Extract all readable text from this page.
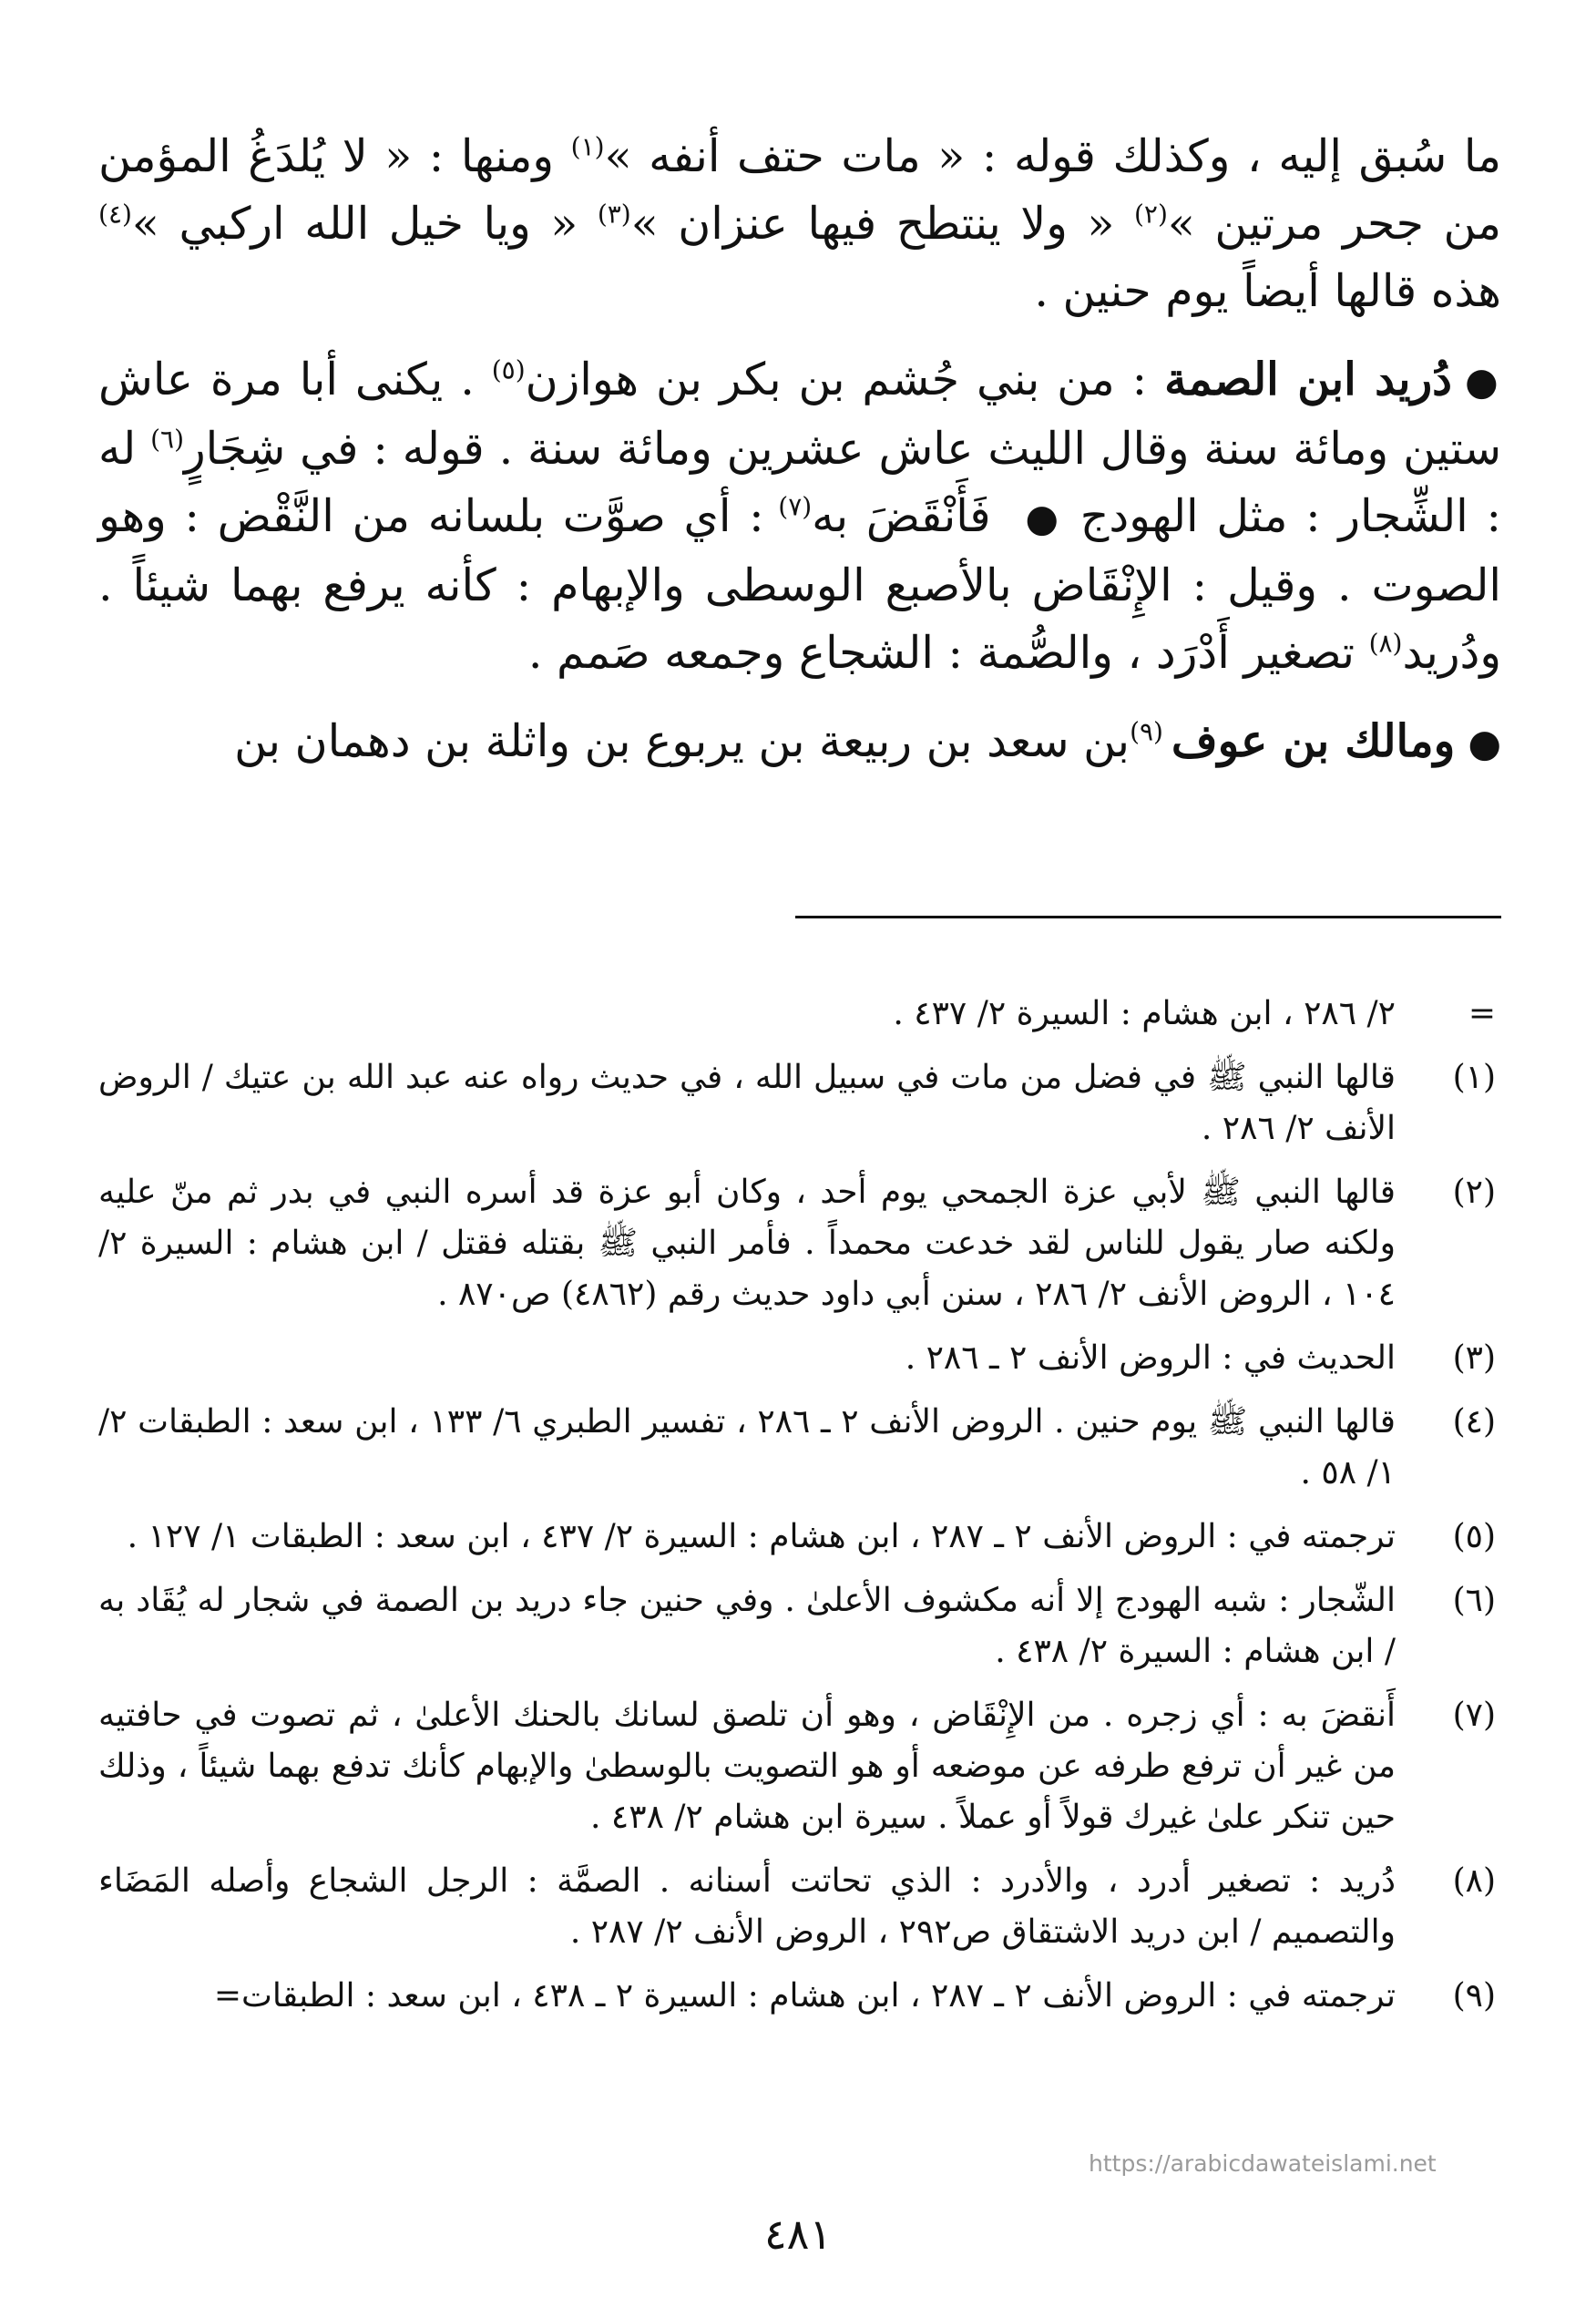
ما سُبق إليه ، وكذلك قوله : « مات حتف أنفه »$^{(١)}$ ومنها : « لا يُلدَغُ المؤمن من جحر مرتين »$^{(٢)}$ « ولا ينتطح فيها عنزان »$^{(٣)}$ « ويا خيل الله اركبي »$^{(٤)}$ هذه قالها أيضاً يوم حنين .

●دُريد ابن الصمة : من بني جُشم بن بكر بن هوازن$^{(٥)}$ . يكنى أبا مرة عاش ستين ومائة سنة وقال الليث عاش عشرين ومائة سنة . قوله : في شِجَارٍ$^{(٦)}$ له : الشِّجار : مثل الهودج ● فَأَنْقَضَ به$^{(٧)}$ : أي صوَّت بلسانه من النَّقْض : وهو الصوت . وقيل : الإِنْقَاض بالأصبع الوسطى والإبهام : كأنه يرفع بهما شيئاً . ودُريد$^{(٨)}$ تصغير أَدْرَد ، والصُّمة : الشجاع وجمعه صَمم .

●ومالك بن عوف $^{(٩)}$بن سعد بن ربيعة بن يربوع بن واثلة بن دهمان بن

=
٢/ ٢٨٦ ، ابن هشام : السيرة ٢/ ٤٣٧ .
(١)
قالها النبي ﷺ في فضل من مات في سبيل الله ، في حديث رواه عنه عبد الله بن عتيك / الروض الأنف ٢/ ٢٨٦ .
(٢)
قالها النبي ﷺ لأبي عزة الجمحي يوم أحد ، وكان أبو عزة قد أسره النبي في بدر ثم منّ عليه ولكنه صار يقول للناس لقد خدعت محمداً . فأمر النبي ﷺ بقتله فقتل / ابن هشام : السيرة ٢/ ١٠٤ ، الروض الأنف ٢/ ٢٨٦ ، سنن أبي داود حديث رقم (٤٨٦٢) ص٨٧٠ .
(٣)
الحديث في : الروض الأنف ٢ ـ ٢٨٦ .
(٤)
قالها النبي ﷺ يوم حنين . الروض الأنف ٢ ـ ٢٨٦ ، تفسير الطبري ٦/ ١٣٣ ، ابن سعد : الطبقات ٢/ ١/ ٥٨ .
(٥)
ترجمته في : الروض الأنف ٢ ـ ٢٨٧ ، ابن هشام : السيرة ٢/ ٤٣٧ ، ابن سعد : الطبقات ١/ ١٢٧ .
(٦)
الشّجار : شبه الهودج إلا أنه مكشوف الأعلىٰ . وفي حنين جاء دريد بن الصمة في شجار له يُقَاد به / ابن هشام : السيرة ٢/ ٤٣٨ .
(٧)
أَنقضَ به : أي زجره . من الإِنْقَاض ، وهو أن تلصق لسانك بالحنك الأعلىٰ ، ثم تصوت في حافتيه من غير أن ترفع طرفه عن موضعه أو هو التصويت بالوسطىٰ والإبهام كأنك تدفع بهما شيئاً ، وذلك حين تنكر علىٰ غيرك قولاً أو عملاً . سيرة ابن هشام ٢/ ٤٣٨ .
(٨)
دُريد : تصغير أدرد ، والأدرد : الذي تحاتت أسنانه . الصمَّة : الرجل الشجاع وأصله المَضَاء والتصميم / ابن دريد الاشتقاق ص٢٩٢ ، الروض الأنف ٢/ ٢٨٧ .
(٩)
ترجمته في : الروض الأنف ٢ ـ ٢٨٧ ، ابن هشام : السيرة ٢ ـ ٤٣٨ ، ابن سعد : الطبقات=
https://arabicdawateislami.net
٤٨١
